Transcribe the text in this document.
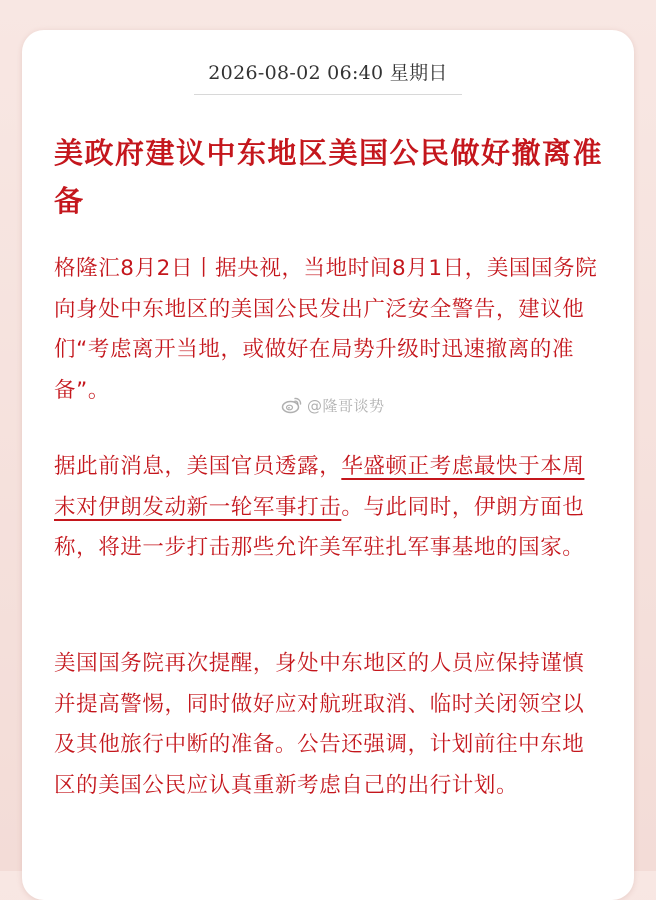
2026-08-02 06:40 星期日
美政府建议中东地区美国公民做好撤离准备

格隆汇8月2日丨据央视，当地时间8月1日，美国国务院向身处中东地区的美国公民发出广泛安全警告，建议他们“考虑离开当地，或做好在局势升级时迅速撤离的准备”。

据此前消息，美国官员透露，华盛顿正考虑最快于本周末对伊朗发动新一轮军事打击。与此同时，伊朗方面也称，将进一步打击那些允许美军驻扎军事基地的国家。

美国国务院再次提醒，身处中东地区的人员应保持谨慎并提高警惕，同时做好应对航班取消、临时关闭领空以及其他旅行中断的准备。公告还强调，计划前往中东地区的美国公民应认真重新考虑自己的出行计划。

@隆哥谈势
